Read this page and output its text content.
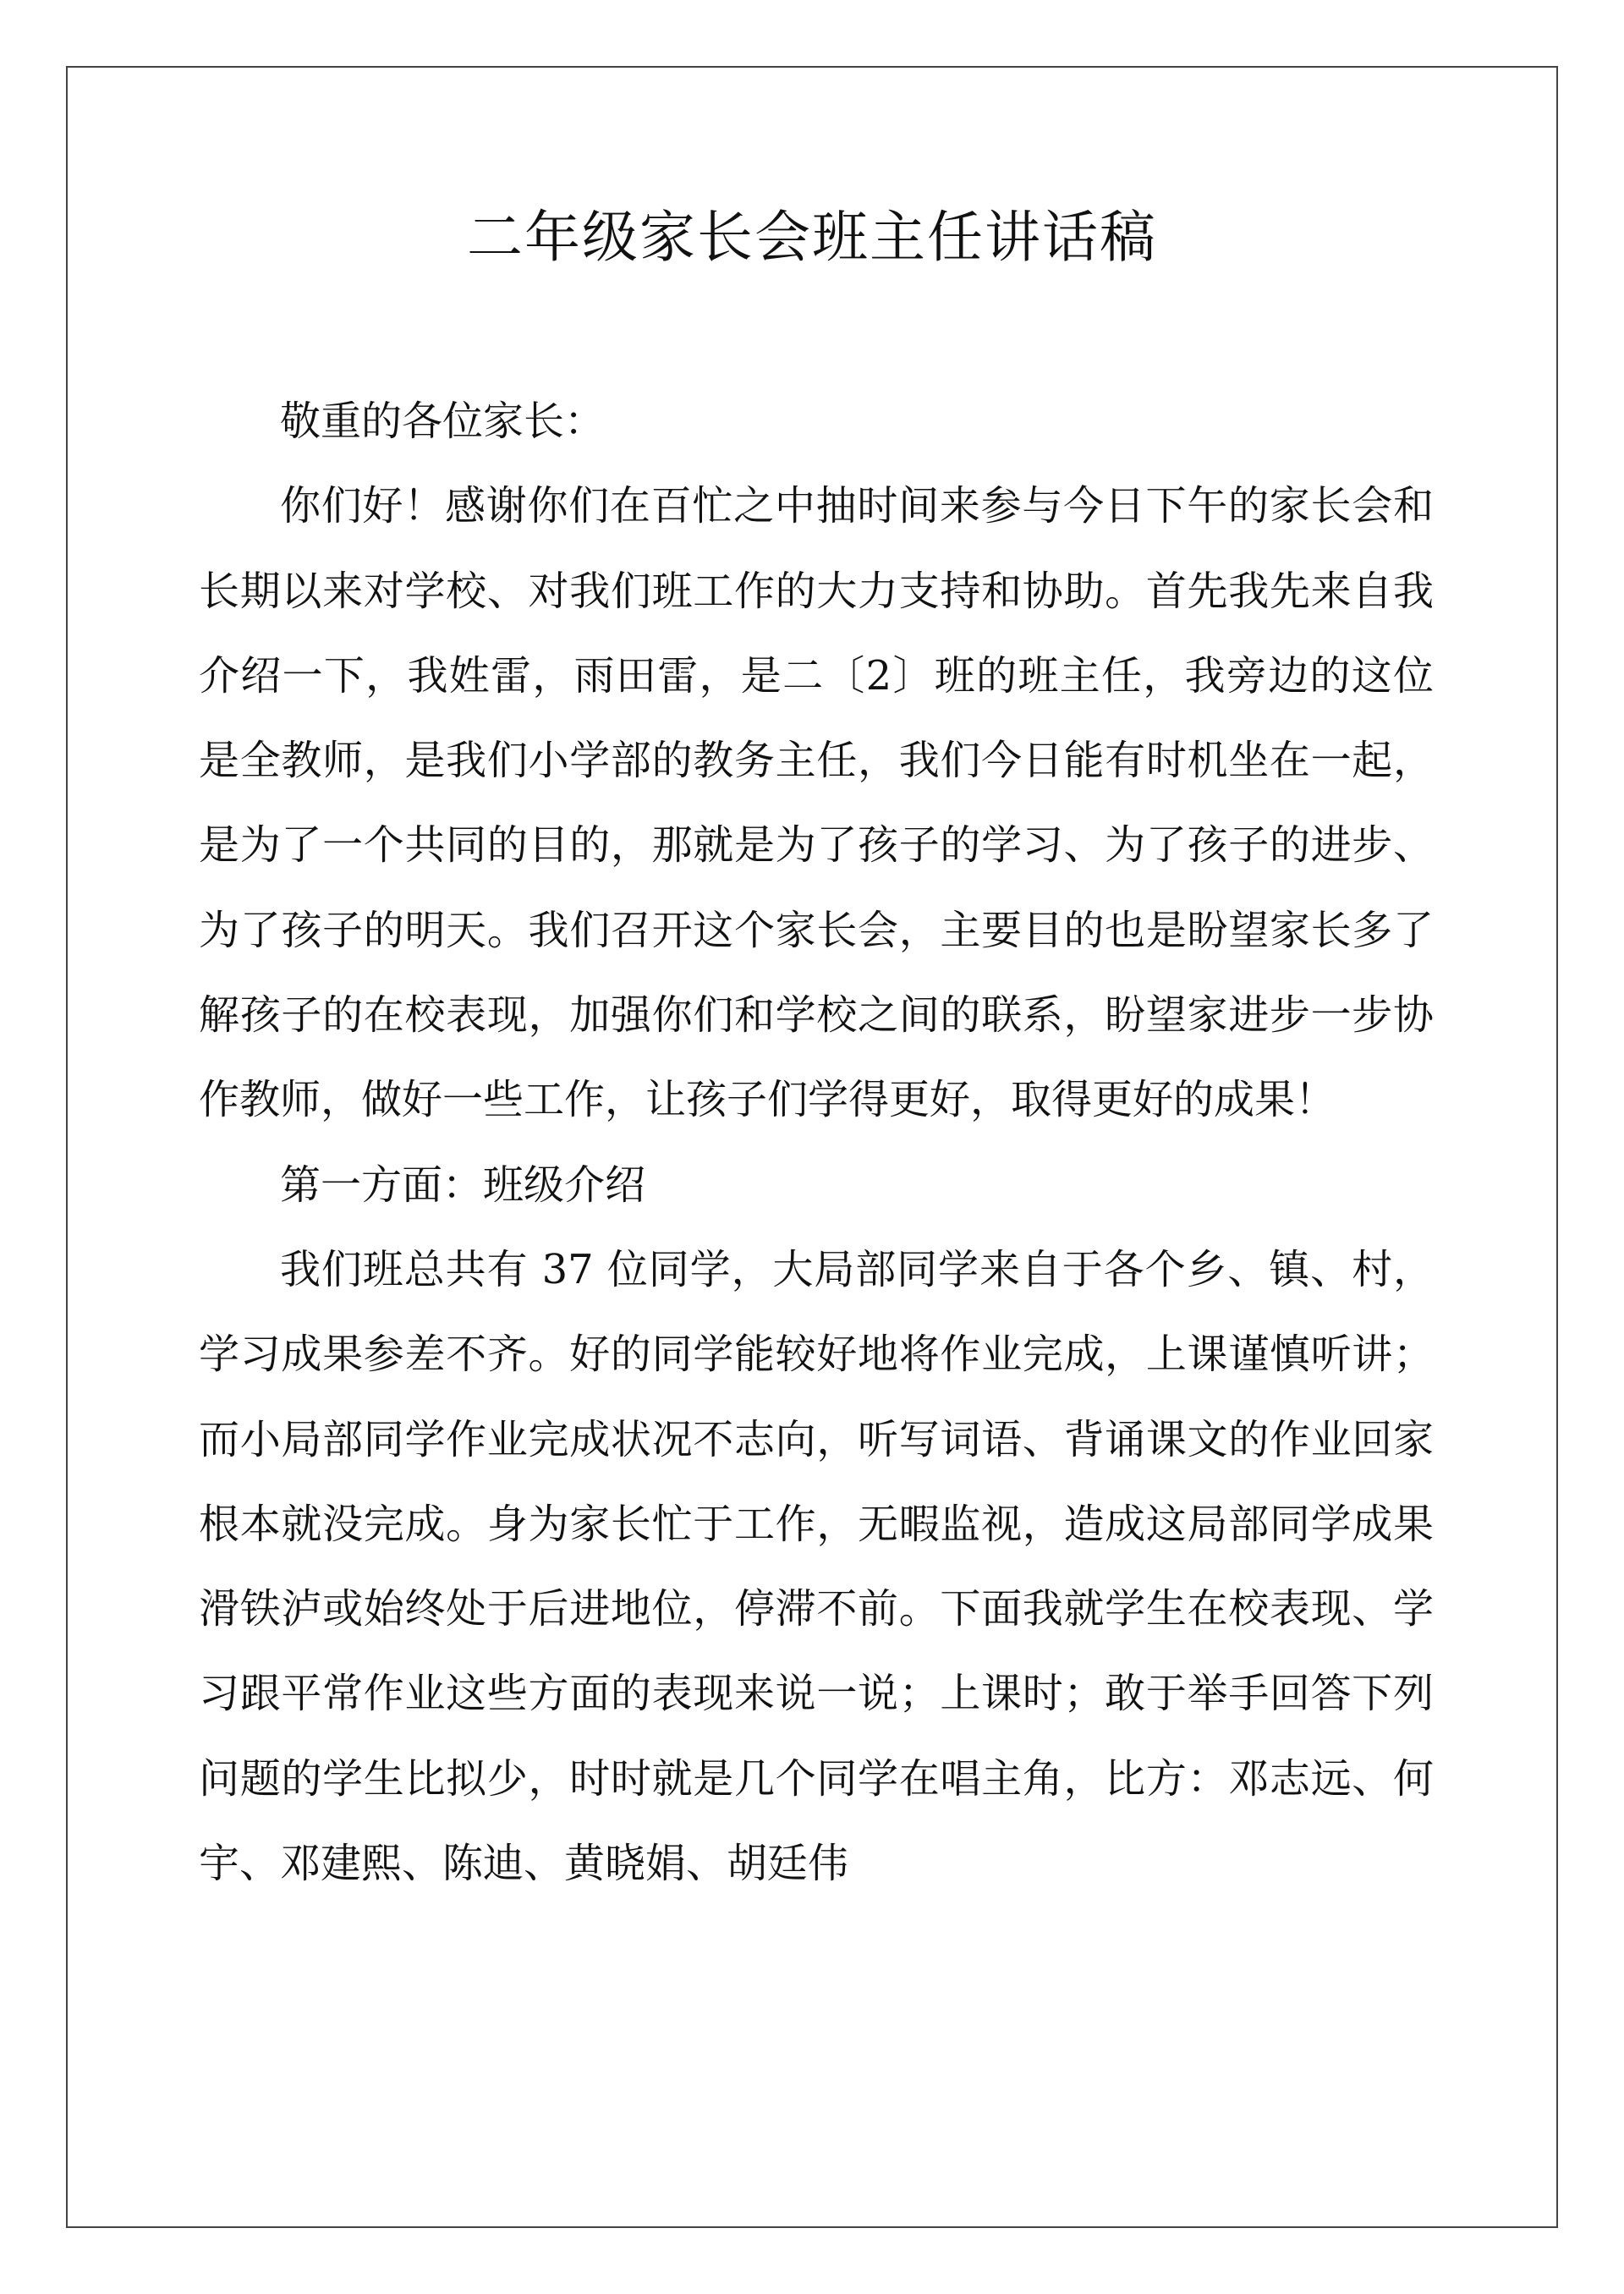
二年级家长会班主任讲话稿

敬重的各位家长：

你们好！感谢你们在百忙之中抽时间来参与今日下午的家长会和长期以来对学校、对我们班工作的大力支持和协助。首先我先来自我介绍一下，我姓雷，雨田雷，是二〔2〕班的班主任，我旁边的这位是全教师，是我们小学部的教务主任，我们今日能有时机坐在一起，是为了一个共同的目的，那就是为了孩子的学习、为了孩子的进步、为了孩子的明天。我们召开这个家长会，主要目的也是盼望家长多了解孩子的在校表现，加强你们和学校之间的联系，盼望家进步一步协作教师，做好一些工作，让孩子们学得更好，取得更好的成果！

第一方面：班级介绍

我们班总共有 37 位同学，大局部同学来自于各个乡、镇、村，学习成果参差不齐。好的同学能较好地将作业完成，上课谨慎听讲；而小局部同学作业完成状况不志向，听写词语、背诵课文的作业回家根本就没完成。身为家长忙于工作，无暇监视，造成这局部同学成果滑铁泸或始终处于后进地位，停滞不前。下面我就学生在校表现、学习跟平常作业这些方面的表现来说一说；上课时；敢于举手回答下列问题的学生比拟少，时时就是几个同学在唱主角，比方：邓志远、何宇、邓建熙、陈迪、黄晓娟、胡廷伟
